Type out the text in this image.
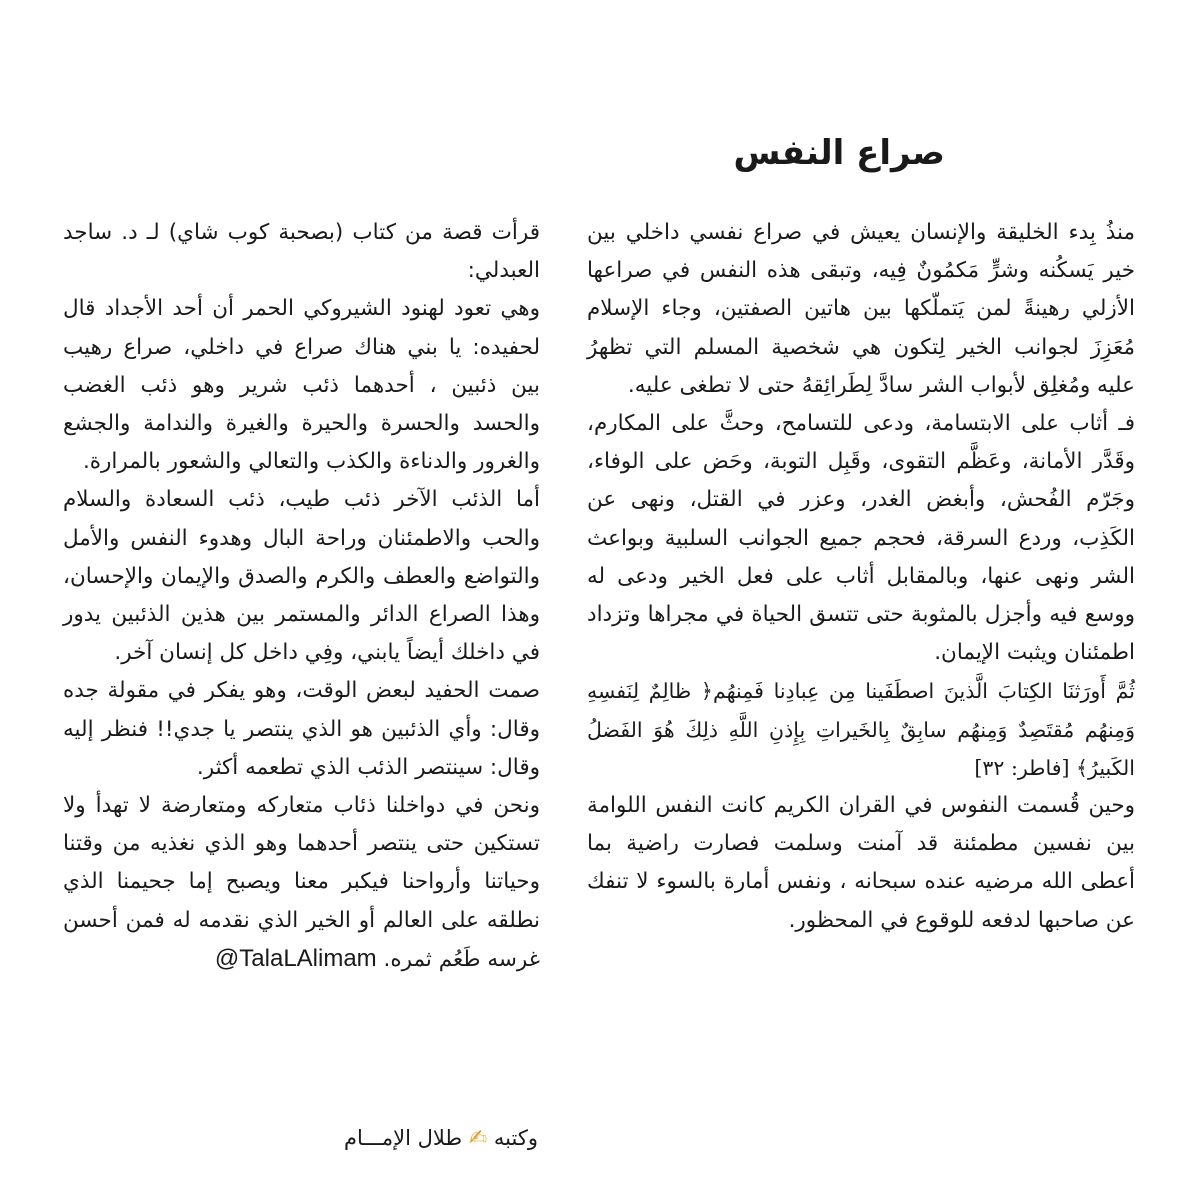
صراع النفس

منذُ بِدء الخليقة والإنسان يعيش في صراع نفسي داخلي بين خير يَسكُنه وشرٍّ مَكمُونٌ فِيه، وتبقى هذه النفس في صراعها الأزلي رهينةً لمن يَتملّكها بين هاتين الصفتين، وجاء الإسلام مُعَزِزَ لجوانب الخير لِتكون هي شخصية المسلم التي تظهرُ عليه ومُغلِق لأبواب الشر سادَّ لِطَرائِقهُ حتى لا تطغى عليه.

فـ أثاب على الابتسامة، ودعى للتسامح، وحثَّ على المكارم، وقَدَّر الأمانة، وعَظَّم التقوى، وقَبِل التوبة، وحَض على الوفاء، وجَرّم الفُحش، وأبغض الغدر، وعزر في القتل، ونهى عن الكَذِب، وردع السرقة، فحجم جميع الجوانب السلبية وبواعث الشر ونهى عنها، وبالمقابل أثاب على فعل الخير ودعى له ووسع فيه وأجزل بالمثوبة حتى تتسق الحياة في مجراها وتزداد اطمئنان ويثبت الإيمان.

ثُمَّ أَورَثنَا الكِتابَ الَّذينَ اصطَفَينا مِن عِبادِنا فَمِنهُم﴿ ظالِمٌ لِنَفسِهِ وَمِنهُم مُقتَصِدٌ وَمِنهُم سابِقٌ بِالخَيراتِ بِإِذنِ اللَّهِ ذلِكَ هُوَ الفَضلُ الكَبيرُ﴾ [فاطر: ٣٢]

وحين قُسمت النفوس في القران الكريم كانت النفس اللوامة بين نفسين مطمئنة قد آمنت وسلمت فصارت راضية بما أعطى الله مرضيه عنده سبحانه ، ونفس أمارة بالسوء لا تنفك عن صاحبها لدفعه للوقوع في المحظور.

قرأت قصة من كتاب (بصحبة كوب شاي) لـ د. ساجد العبدلي:

وهي تعود لهنود الشيروكي الحمر أن أحد الأجداد قال لحفيده: يا بني هناك صراع في داخلي، صراع رهيب بين ذئبين ، أحدهما ذئب شرير وهو ذئب الغضب والحسد والحسرة والحيرة والغيرة والندامة والجشع والغرور والدناءة والكذب والتعالي والشعور بالمرارة.

أما الذئب الآخر ذئب طيب، ذئب السعادة والسلام والحب والاطمئنان وراحة البال وهدوء النفس والأمل والتواضع والعطف والكرم والصدق والإيمان والإحسان، وهذا الصراع الدائر والمستمر بين هذين الذئبين يدور في داخلك أيضاً يابني، وفِي داخل كل إنسان آخر.

صمت الحفيد لبعض الوقت، وهو يفكر في مقولة جده وقال: وأي الذئبين هو الذي ينتصر يا جدي!! فنظر إليه وقال: سينتصر الذئب الذي تطعمه أكثر.

ونحن في دواخلنا ذئاب متعاركه ومتعارضة لا تهدأ ولا تستكين حتى ينتصر أحدهما وهو الذي نغذيه من وقتنا وحياتنا وأرواحنا فيكبر معنا ويصبح إما جحيمنا الذي نطلقه على العالم أو الخير الذي نقدمه له فمن أحسن غرسه طَعُم ثمره. @TalaLAlimam

وكتبه ✍ طلال الإمـــام
